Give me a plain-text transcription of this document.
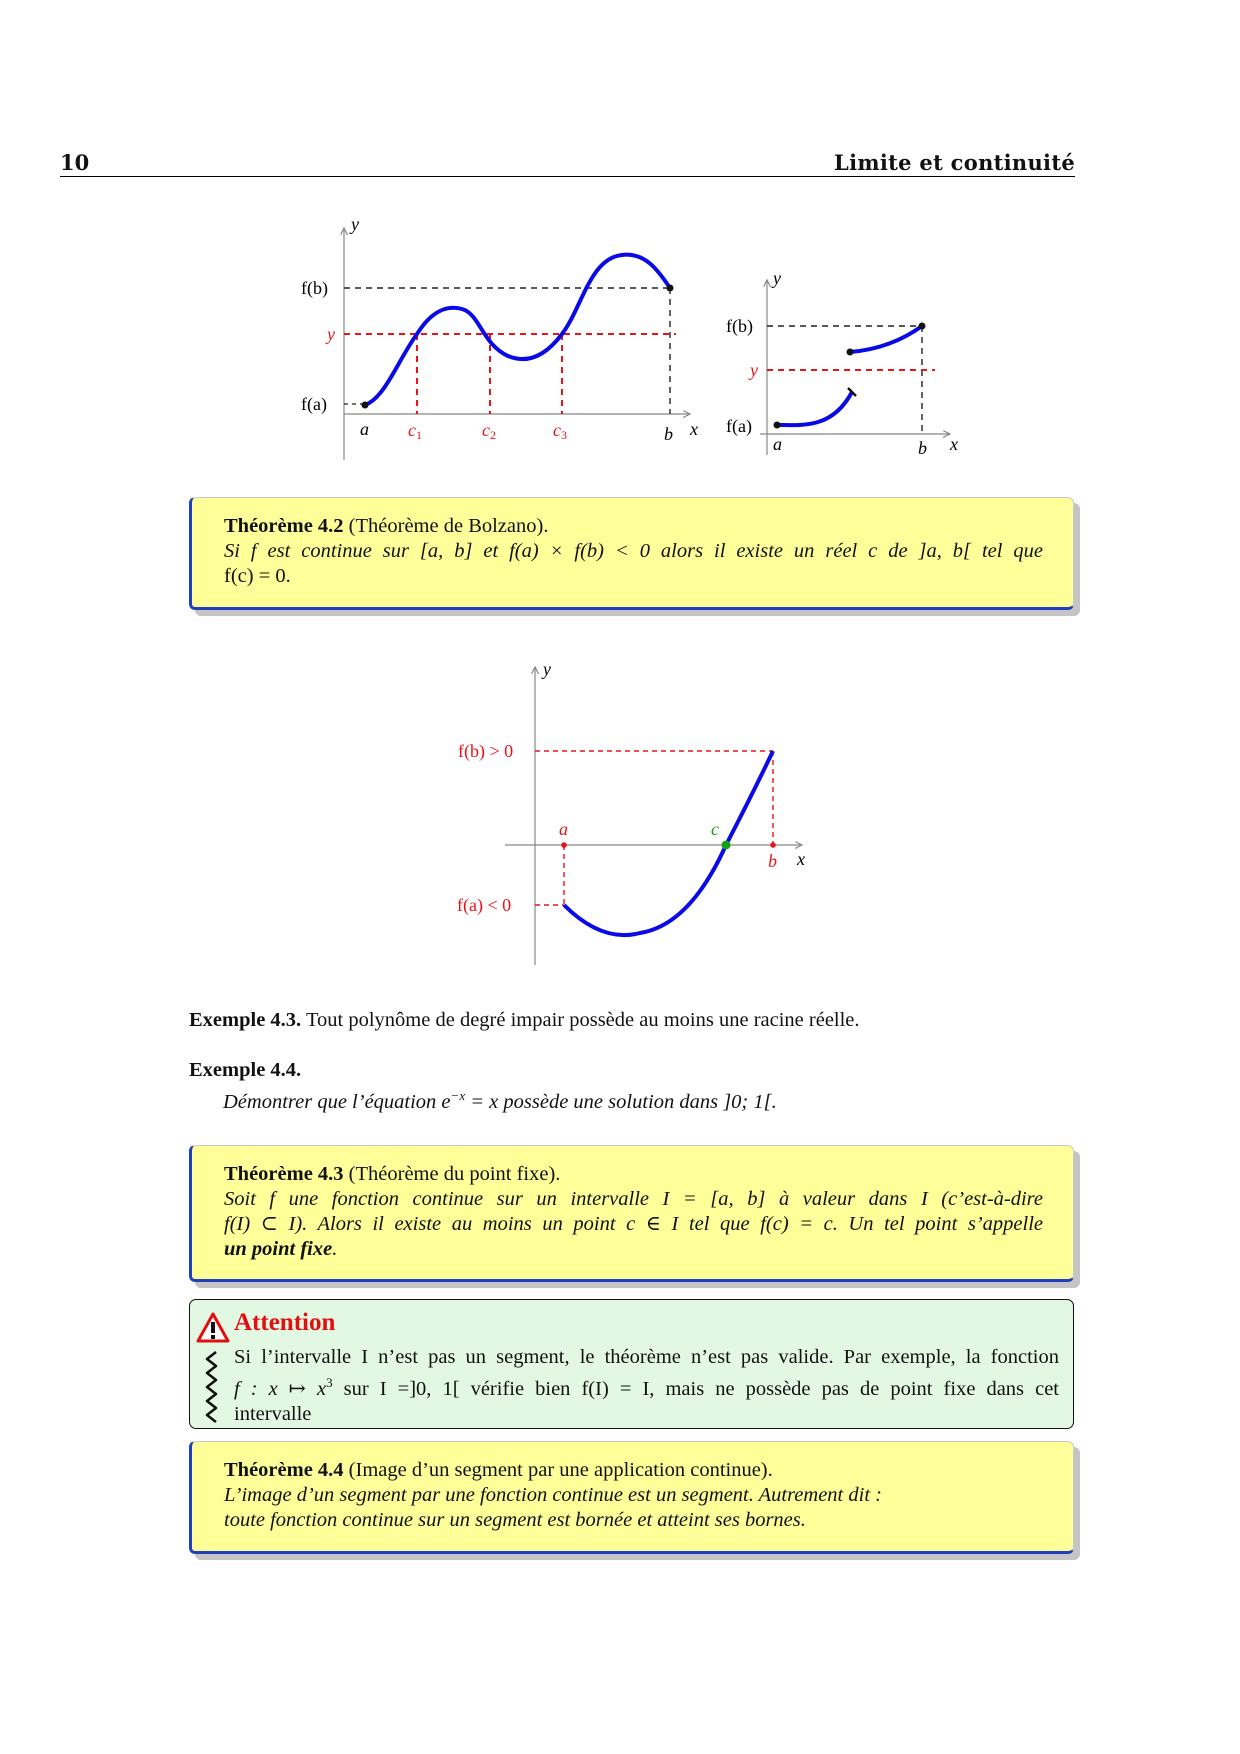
10	Limite et continuité
y
x
f(b)
y
f(a)
a	b
c1	c2	c3
y
x
f(b)
y
f(a)
a	b
Théorème 4.2 (Théorème de Bolzano).
Si f est continue sur [a, b] et f(a) × f(b) < 0 alors il existe un réel c de ]a, b[ tel que
f(c) = 0.
y
x
f(b) > 0
f(a) < 0
a
b
c
Exemple 4.3. Tout polynôme de degré impair possède au moins une racine réelle.
Exemple 4.4.
Démontrer que l’équation $e^{-x} = x$ possède une solution dans ]0; 1[.
Théorème 4.3 (Théorème du point fixe).
Soit f une fonction continue sur un intervalle I = [a, b] à valeur dans I (c’est-à-dire
f(I) ⊂ I). Alors il existe au moins un point c ∈ I tel que f(c) = c. Un tel point s’appelle
un point fixe.
Attention
Si l’intervalle I n’est pas un segment, le théorème n’est pas valide. Par exemple, la fonction
f : x ↦ $x^3$ sur I =]0, 1[ vérifie bien f(I) = I, mais ne possède pas de point fixe dans cet
intervalle
Théorème 4.4 (Image d’un segment par une application continue).
L’image d’un segment par une fonction continue est un segment. Autrement dit :
toute fonction continue sur un segment est bornée et atteint ses bornes.
